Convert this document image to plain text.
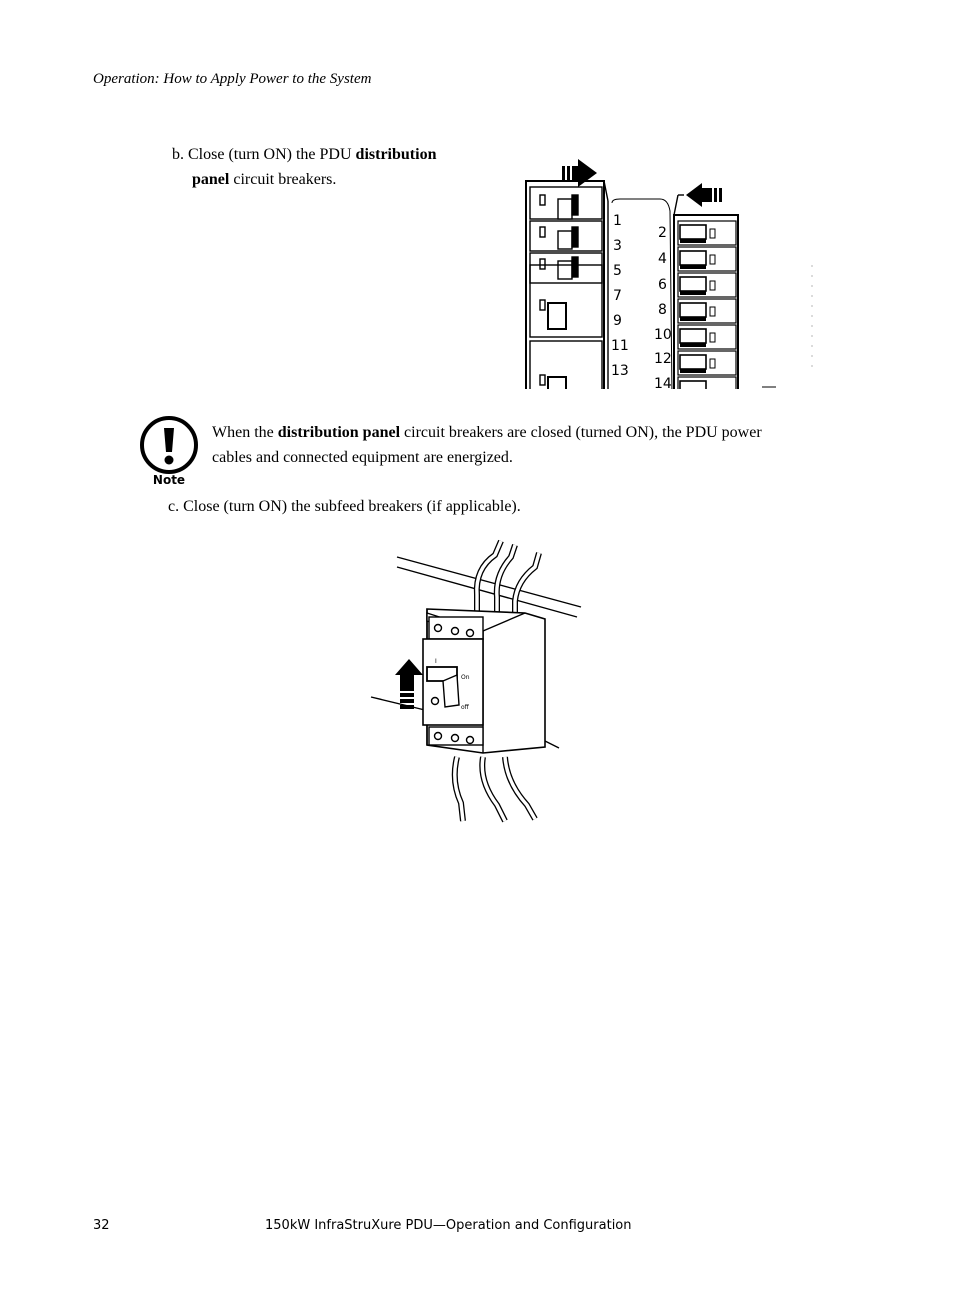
Operation: How to Apply Power to the System
b. Close (turn ON) the PDU distribution
panel circuit breakers.
1
3
5
7
9
11
13
2
4
6
8
10
12
14
Note
When the distribution panel circuit breakers are closed (turned ON), the PDU power cables and connected equipment are energized.
c. Close (turn ON) the subfeed breakers (if applicable).
I
On
off
32	150kW InfraStruXure PDU—Operation and Configuration
